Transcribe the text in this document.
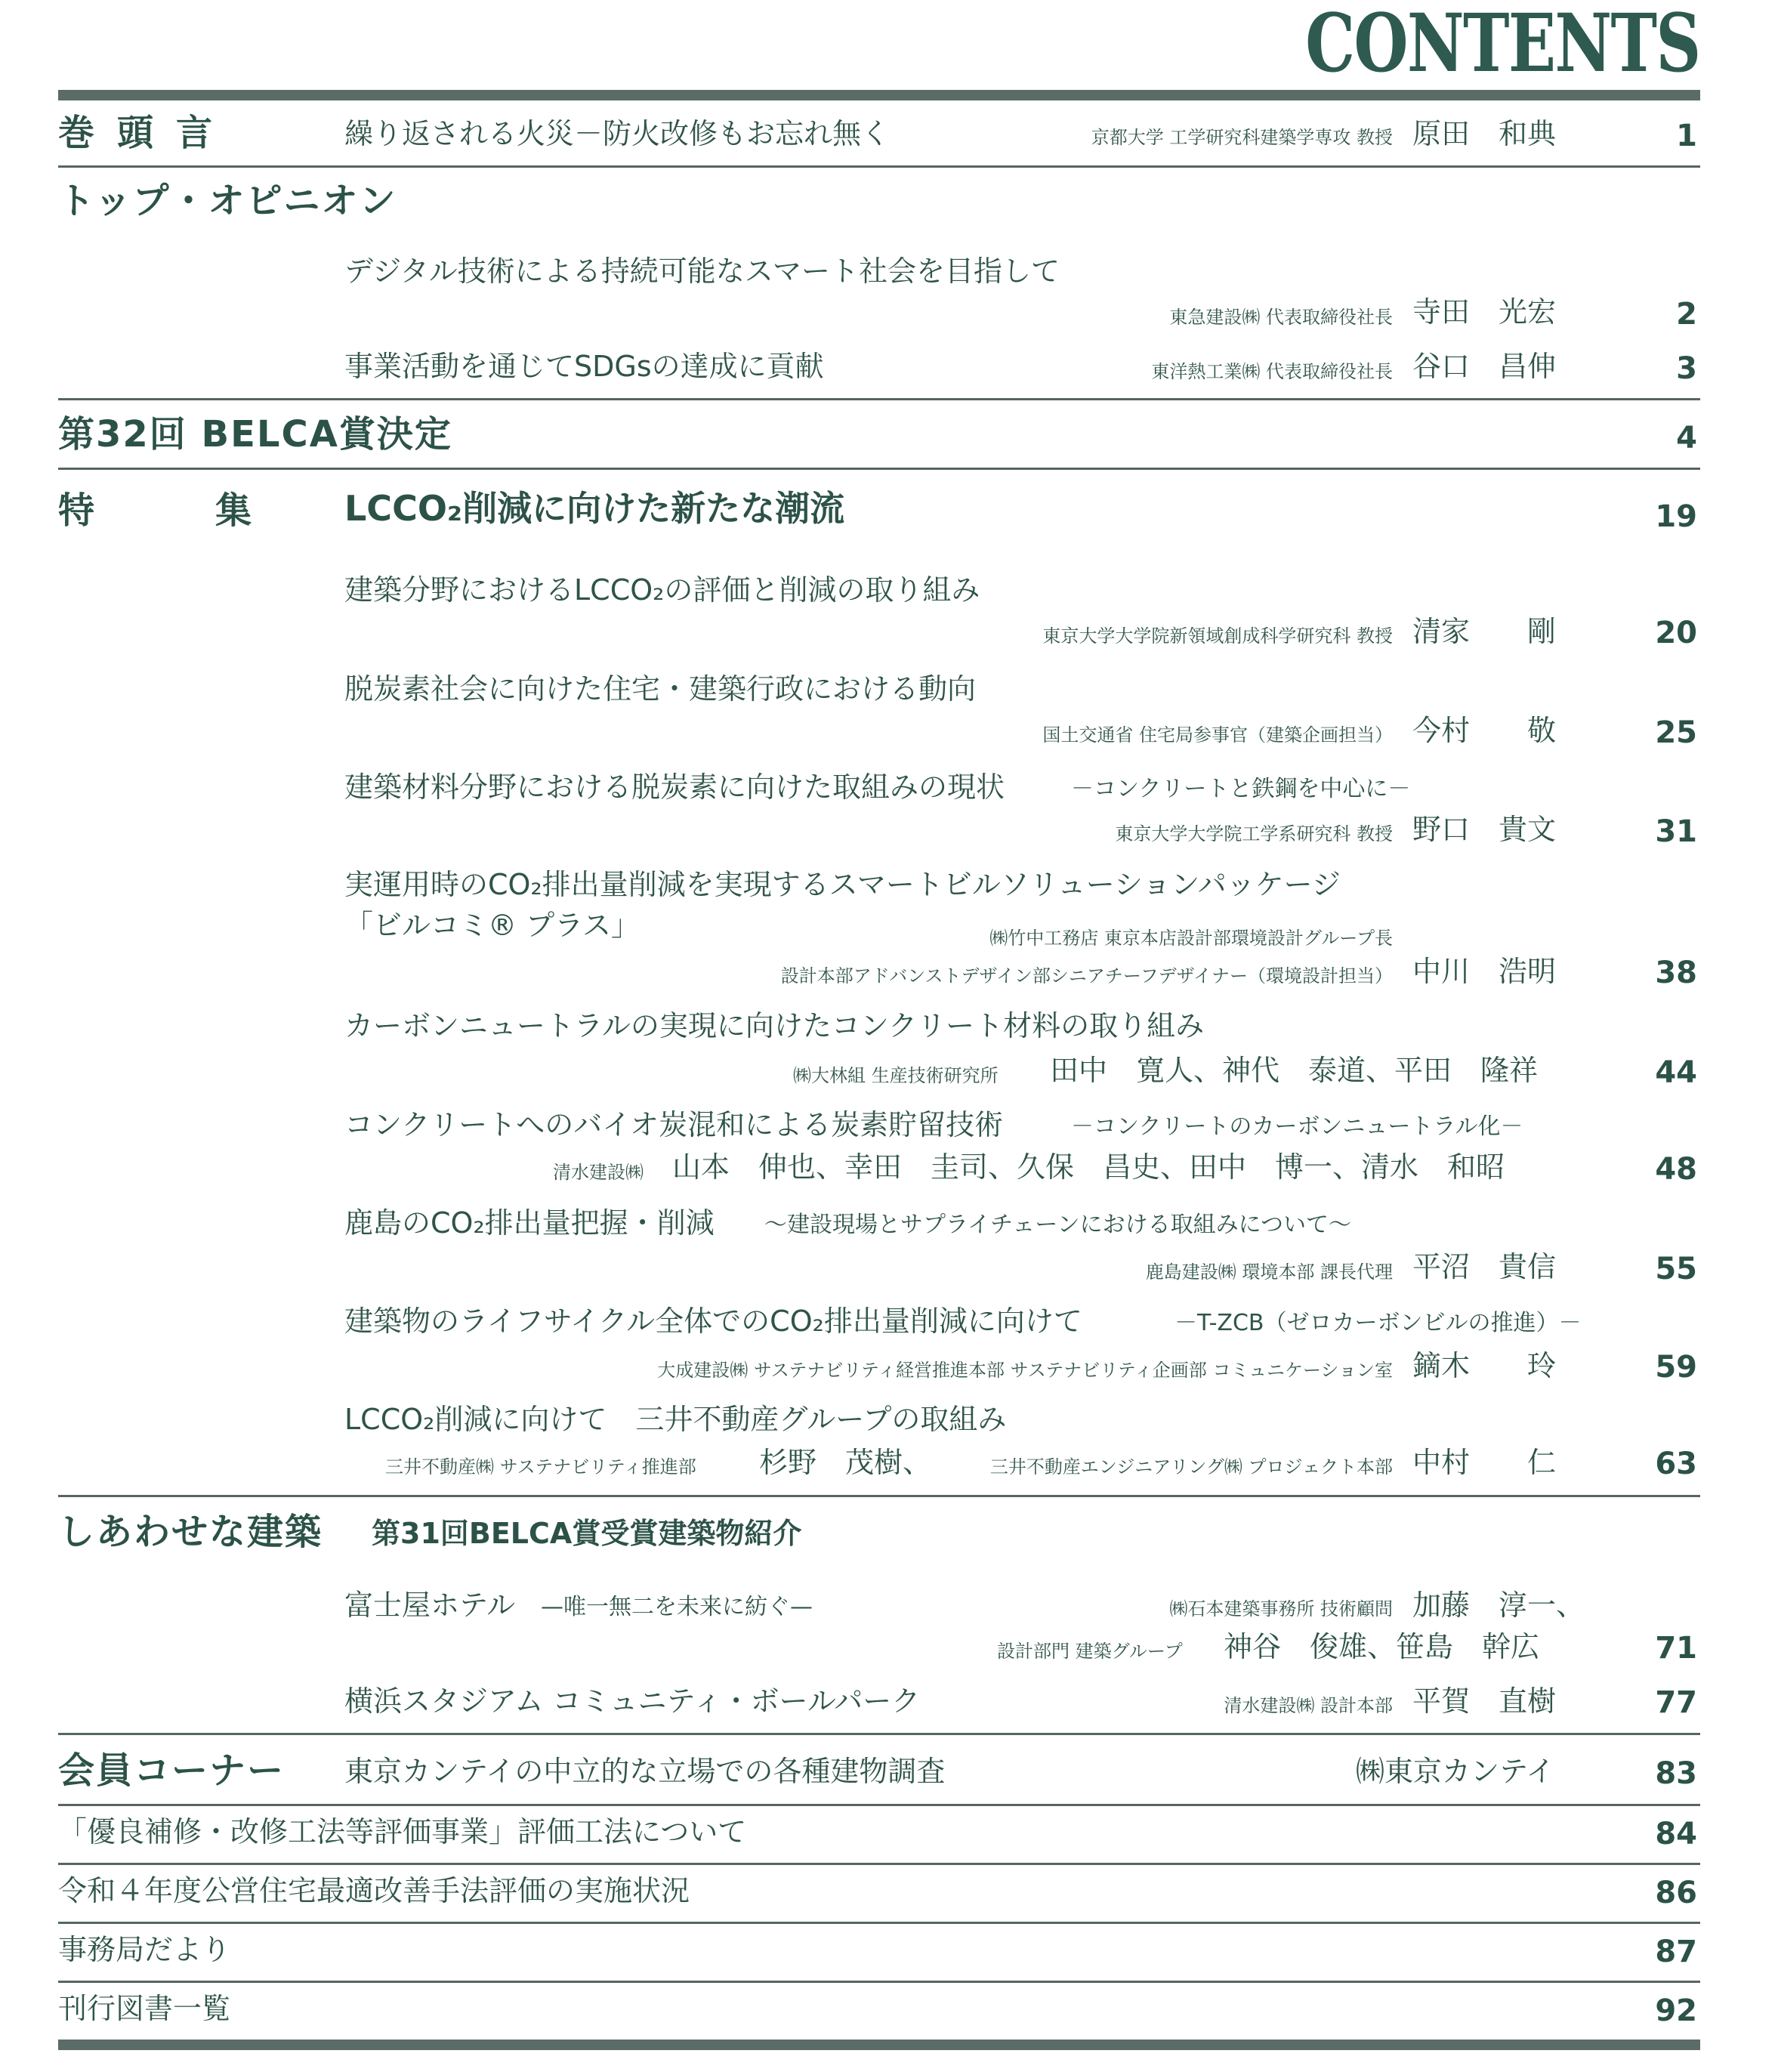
CONTENTS
巻頭言	繰り返される火災－防火改修もお忘れ無く	京都大学 工学研究科建築学専攻 教授 原田　和典	1
トップ・オピニオン
デジタル技術による持続可能なスマート社会を目指して
東急建設㈱ 代表取締役社長 寺田　光宏	2
事業活動を通じてSDGsの達成に貢献	東洋熱工業㈱ 代表取締役社長 谷口　昌伸	3
第32回 BELCA賞決定	4
特集
LCCO₂削減に向けた新たな潮流	19
建築分野におけるLCCO₂の評価と削減の取り組み
東京大学大学院新領域創成科学研究科 教授 清家　　剛	20
脱炭素社会に向けた住宅・建築行政における動向
国土交通省 住宅局参事官（建築企画担当） 今村　　敬	25
建築材料分野における脱炭素に向けた取組みの現状	－コンクリートと鉄鋼を中心に－
東京大学大学院工学系研究科 教授 野口　貴文	31
実運用時のCO₂排出量削減を実現するスマートビルソリューションパッケージ
「ビルコミ® プラス」	㈱竹中工務店 東京本店設計部環境設計グループ長
設計本部アドバンストデザイン部シニアチーフデザイナー（環境設計担当） 中川　浩明	38
カーボンニュートラルの実現に向けたコンクリート材料の取り組み
㈱大林組 生産技術研究所 田中　寛人、神代　泰道、平田　隆祥	44
コンクリートへのバイオ炭混和による炭素貯留技術	－コンクリートのカーボンニュートラル化－
清水建設㈱ 山本　伸也、幸田　圭司、久保　昌史、田中　博一、清水　和昭	48
鹿島のCO₂排出量把握・削減 ～建設現場とサプライチェーンにおける取組みについて～
鹿島建設㈱ 環境本部 課長代理 平沼　貴信	55
建築物のライフサイクル全体でのCO₂排出量削減に向けて	－T-ZCB（ゼロカーボンビルの推進）－
大成建設㈱ サステナビリティ経営推進本部 サステナビリティ企画部 コミュニケーション室 鏑木　　玲	59
LCCO₂削減に向けて　三井不動産グループの取組み
三井不動産㈱ サステナビリティ推進部 杉野　茂樹、	三井不動産エンジニアリング㈱ プロジェクト本部 中村　　仁	63
しあわせな建築 第31回BELCA賞受賞建築物紹介
富士屋ホテル —唯一無二を未来に紡ぐ—	㈱石本建築事務所 技術顧問 加藤　淳一、
設計部門 建築グループ 神谷　俊雄、笹島　幹広	71
横浜スタジアム コミュニティ・ボールパーク	清水建設㈱ 設計本部 平賀　直樹	77
会員コーナー 東京カンテイの中立的な立場での各種建物調査	㈱東京カンテイ	83
「優良補修・改修工法等評価事業」評価工法について	84
令和４年度公営住宅最適改善手法評価の実施状況	86
事務局だより	87
刊行図書一覧	92
